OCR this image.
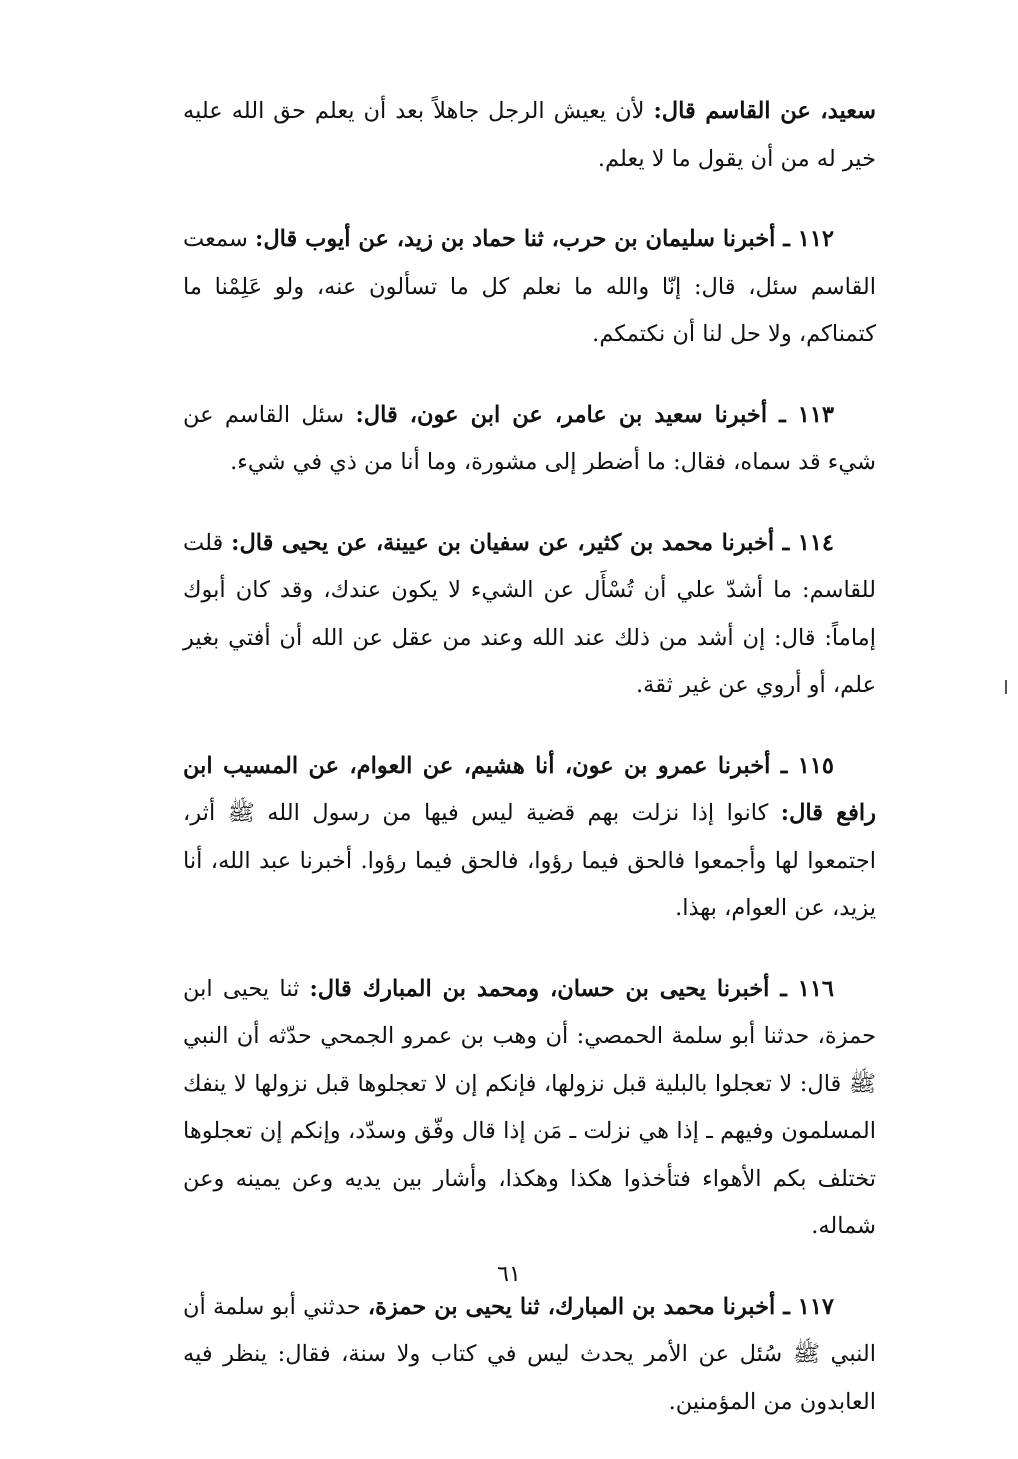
سعيد، عن القاسم قال: لأن يعيش الرجل جاهلاً بعد أن يعلم حق الله عليه خير له من أن يقول ما لا يعلم.

١١٢ ـ أخبرنا سليمان بن حرب، ثنا حماد بن زيد، عن أيوب قال: سمعت القاسم سئل، قال: إنّا والله ما نعلم كل ما تسألون عنه، ولو عَلِمْنا ما كتمناكم، ولا حل لنا أن نكتمكم.

١١٣ ـ أخبرنا سعيد بن عامر، عن ابن عون، قال: سئل القاسم عن شيء قد سماه، فقال: ما أضطر إلى مشورة، وما أنا من ذي في شيء.

١١٤ ـ أخبرنا محمد بن كثير، عن سفيان بن عيينة، عن يحيى قال: قلت للقاسم: ما أشدّ علي أن تُسْأَل عن الشيء لا يكون عندك، وقد كان أبوك إماماً: قال: إن أشد من ذلك عند الله وعند من عقل عن الله أن أفتي بغير علم، أو أروي عن غير ثقة.

١١٥ ـ أخبرنا عمرو بن عون، أنا هشيم، عن العوام، عن المسيب ابن رافع قال: كانوا إذا نزلت بهم قضية ليس فيها من رسول الله ﷺ أثر، اجتمعوا لها وأجمعوا فالحق فيما رؤوا، فالحق فيما رؤوا. أخبرنا عبد الله، أنا يزيد، عن العوام، بهذا.

١١٦ ـ أخبرنا يحيى بن حسان، ومحمد بن المبارك قال: ثنا يحيى ابن حمزة، حدثنا أبو سلمة الحمصي: أن وهب بن عمرو الجمحي حدّثه أن النبي ﷺ قال: لا تعجلوا بالبلية قبل نزولها، فإنكم إن لا تعجلوها قبل نزولها لا ينفك المسلمون وفيهم ـ إذا هي نزلت ـ مَن إذا قال وفّق وسدّد، وإنكم إن تعجلوها تختلف بكم الأهواء فتأخذوا هكذا وهكذا، وأشار بين يديه وعن يمينه وعن شماله.

١١٧ ـ أخبرنا محمد بن المبارك، ثنا يحيى بن حمزة، حدثني أبو سلمة أن النبي ﷺ سُئل عن الأمر يحدث ليس في كتاب ولا سنة، فقال: ينظر فيه العابدون من المؤمنين.

٦١
